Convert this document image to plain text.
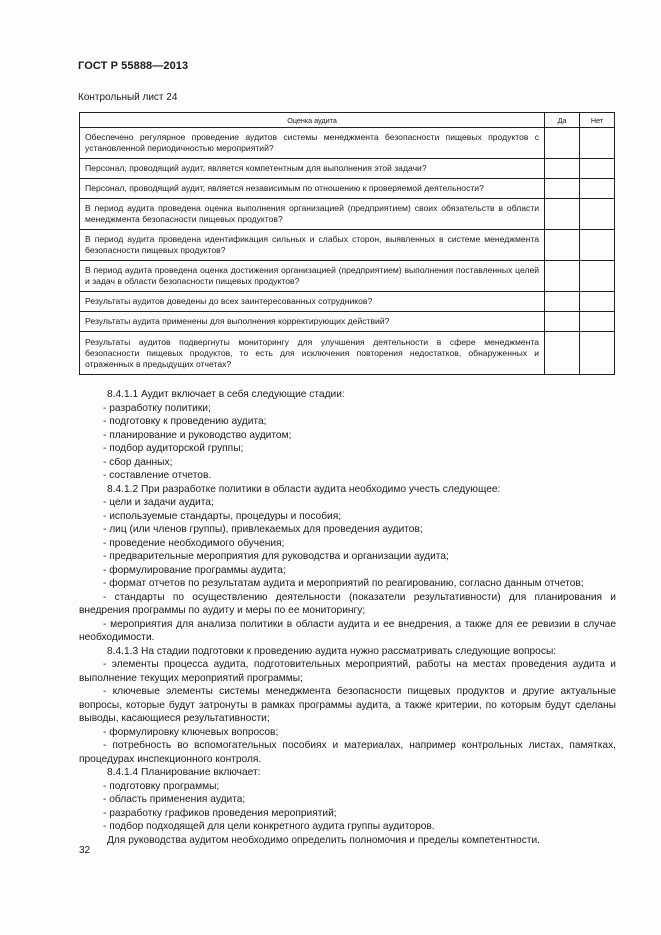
ГОСТ Р 55888—2013
Контрольный лист 24
Оценка аудита	Да	Нет
Обеспечено регулярное проведение аудитов системы менеджмента безопасности пищевых продуктов с установленной периодичностью мероприятий?		
Персонал, проводящий аудит, является компетентным для выполнения этой задачи?		
Персонал, проводящий аудит, является независимым по отношению к проверяемой деятельности?		
В период аудита проведена оценка выполнения организацией (предприятием) своих обязательств в области менеджмента безопасности пищевых продуктов?		
В период аудита проведена идентификация сильных и слабых сторон, выявленных в системе менеджмента безопасности пищевых продуктов?		
В период аудита проведена оценка достижения организацией (предприятием) выполнения поставленных целей и задач в области безопасности пищевых продуктов?		
Результаты аудитов доведены до всех заинтересованных сотрудников?		
Результаты аудита применены для выполнения корректирующих действий?		
Результаты аудитов подвергнуты мониторингу для улучшения деятельности в сфере менеджмента безопасности пищевых продуктов, то есть для исключения повторения недостатков, обнаруженных и отраженных в предыдущих отчетах?		

8.4.1.1 Аудит включает в себя следующие стадии:

- разработку политики;

- подготовку к проведению аудита;

- планирование и руководство аудитом;

- подбор аудиторской группы;

- сбор данных;

- составление отчетов.

8.4.1.2 При разработке политики в области аудита необходимо учесть следующее:

- цели и задачи аудита;

- используемые стандарты, процедуры и пособия;

- лиц (или членов группы), привлекаемых для проведения аудитов;

- проведение необходимого обучения;

- предварительные мероприятия для руководства и организации аудита;

- формулирование программы аудита;

- формат отчетов по результатам аудита и мероприятий по реагированию, согласно данным отчетов;

- стандарты по осуществлению деятельности (показатели результативности) для планирования и внедрения программы по аудиту и меры по ее мониторингу;

- мероприятия для анализа политики в области аудита и ее внедрения, а также для ее ревизии в случае необходимости.

8.4.1.3 На стадии подготовки к проведению аудита нужно рассматривать следующие вопросы:

- элементы процесса аудита, подготовительных мероприятий, работы на местах проведения аудита и выполнение текущих мероприятий программы;

- ключевые элементы системы менеджмента безопасности пищевых продуктов и другие актуальные вопросы, которые будут затронуты в рамках программы аудита, а также критерии, по которым будут сделаны выводы, касающиеся результативности;

- формулировку ключевых вопросов;

- потребность во вспомогательных пособиях и материалах, например контрольных листах, памятках, процедурах инспекционного контроля.

8.4.1.4 Планирование включает:

- подготовку программы;

- область применения аудита;

- разработку графиков проведения мероприятий;

- подбор подходящей для цели конкретного аудита группы аудиторов.

Для руководства аудитом необходимо определить полномочия и пределы компетентности.

32
